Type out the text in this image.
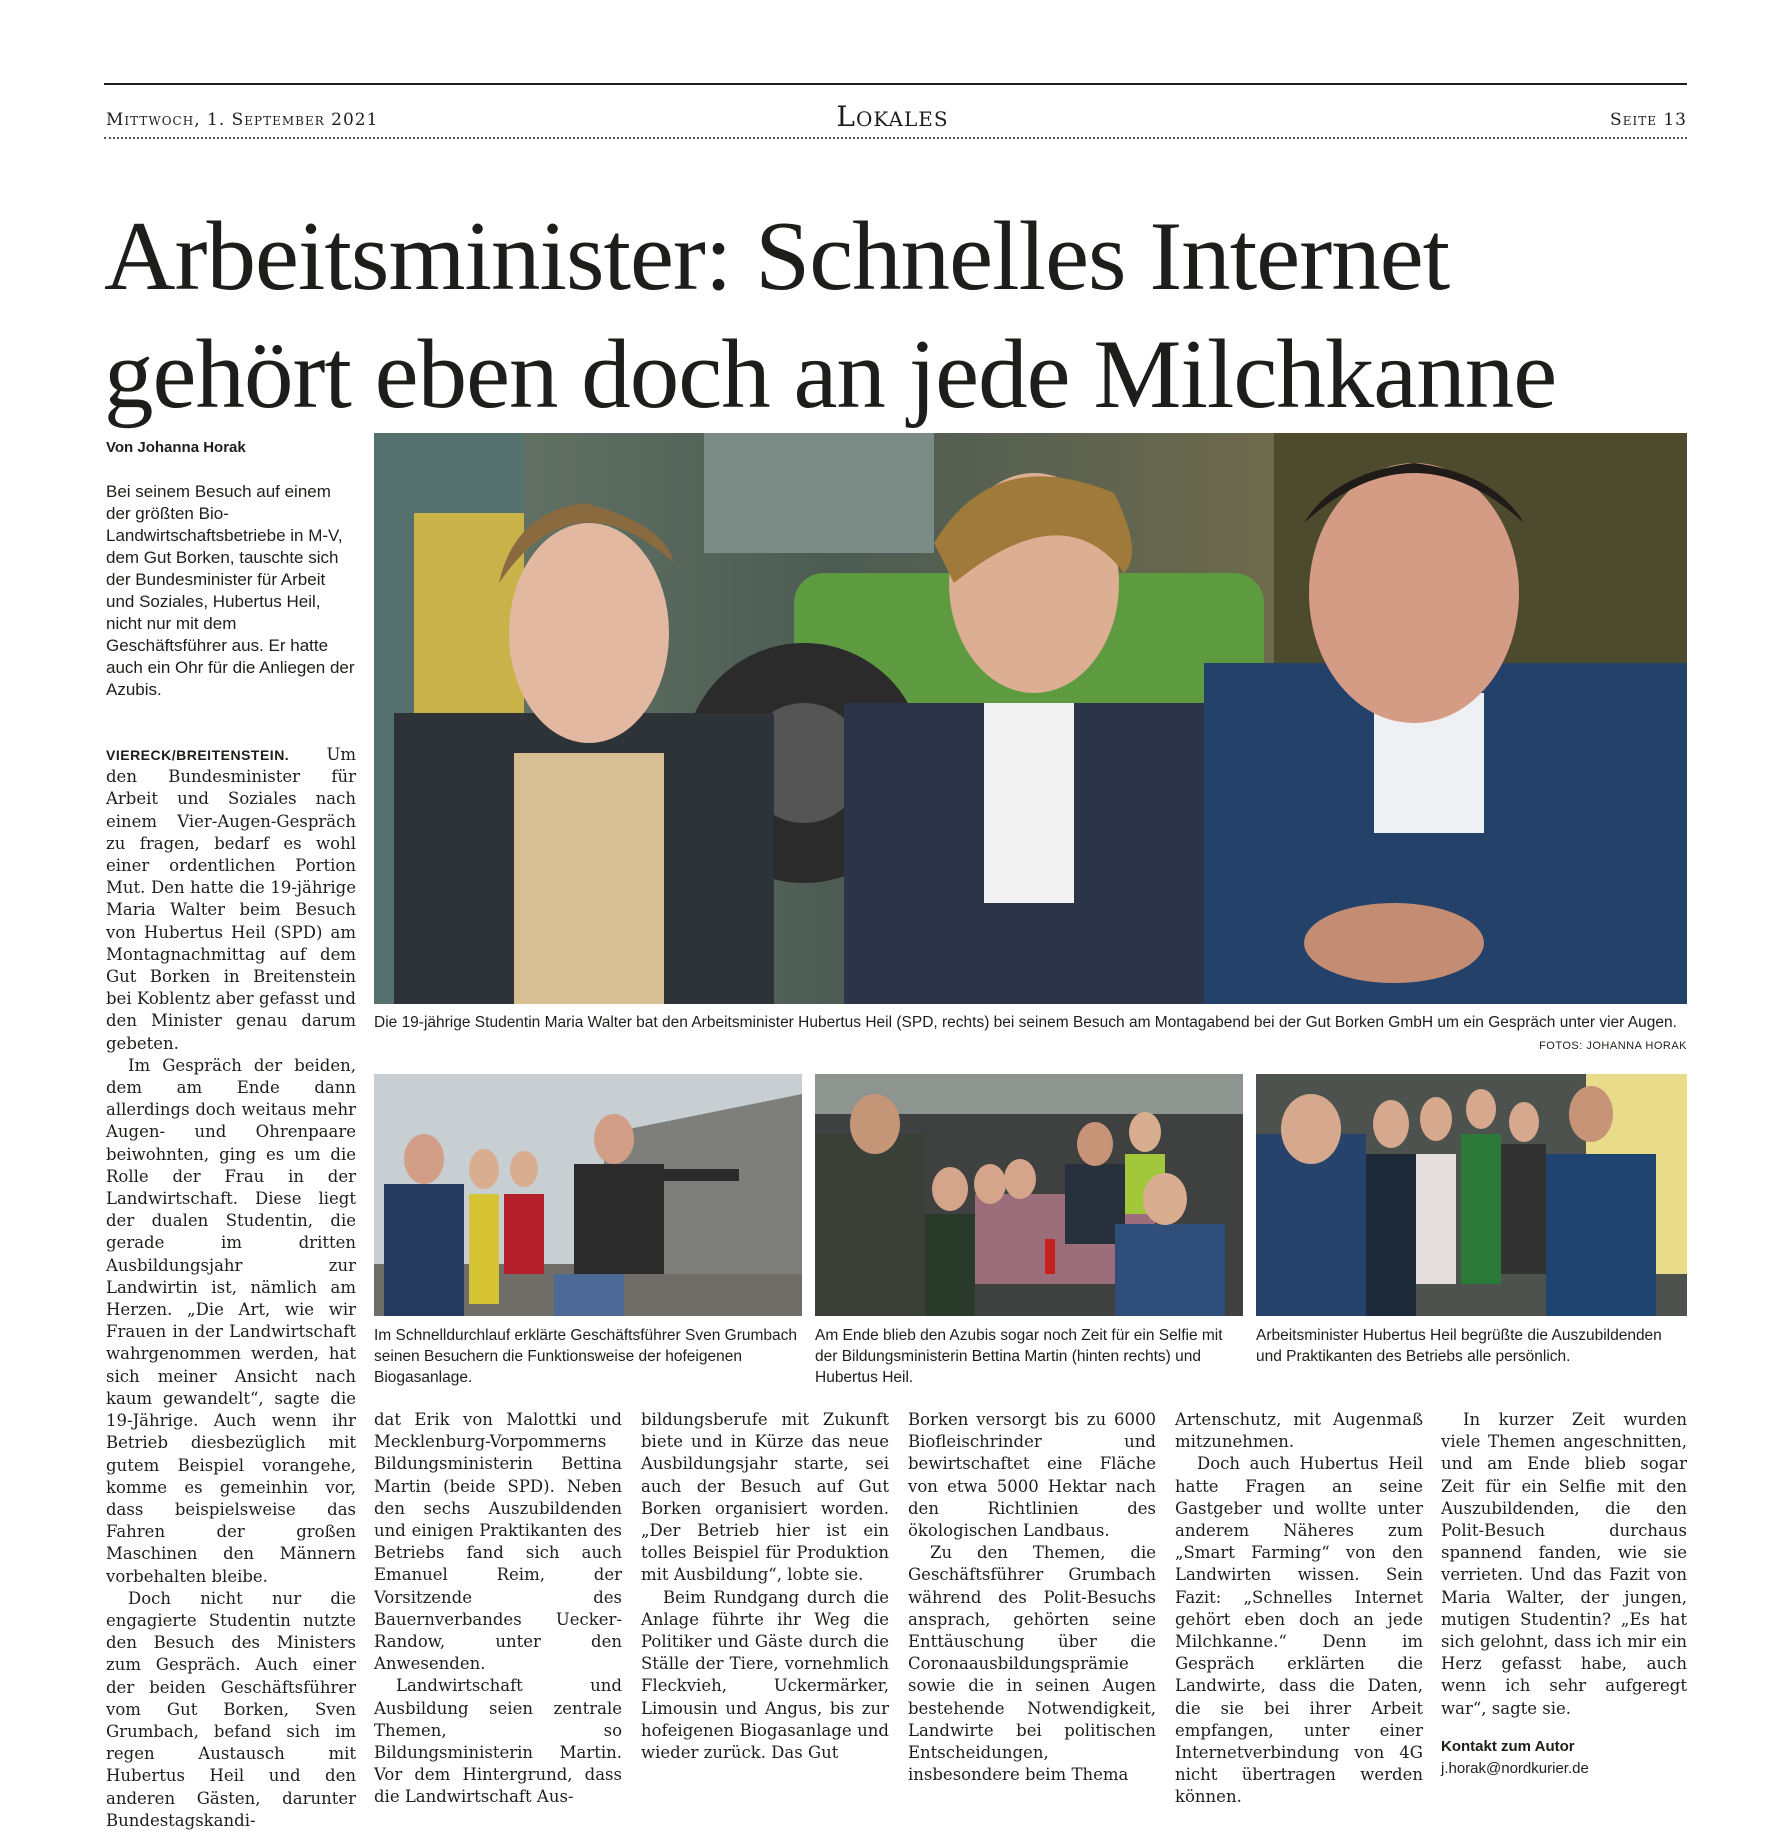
Mittwoch, 1. September 2021	Lokales	Seite 13
Arbeitsminister: Schnelles Internet
gehört eben doch an jede Milchkanne
Von Johanna Horak
Bei seinem Besuch auf einem der größten Bio-Landwirtschaftsbetriebe in M-V, dem Gut Borken, tauschte sich der Bundesminister für Arbeit und Soziales, Hubertus Heil, nicht nur mit dem Geschäftsführer aus. Er hatte auch ein Ohr für die Anliegen der Azubis.

VIERECK/BREITENSTEIN. Um den Bundesminister für Arbeit und Soziales nach einem Vier-Augen-Gespräch zu fragen, bedarf es wohl einer ordentlichen Portion Mut. Den hatte die 19-jährige Maria Walter beim Besuch von Hubertus Heil (SPD) am Montagnachmittag auf dem Gut Borken in Breitenstein bei Koblentz aber gefasst und den Minister genau darum gebeten.

Im Gespräch der beiden, dem am Ende dann allerdings doch weitaus mehr Augen- und Ohrenpaare beiwohnten, ging es um die Rolle der Frau in der Landwirtschaft. Diese liegt der dualen Studentin, die gerade im dritten Ausbildungsjahr zur Landwirtin ist, nämlich am Herzen. „Die Art, wie wir Frauen in der Landwirtschaft wahrgenommen werden, hat sich meiner Ansicht nach kaum gewandelt“, sagte die 19-Jährige. Auch wenn ihr Betrieb diesbezüglich mit gutem Beispiel vorangehe, komme es gemeinhin vor, dass beispielsweise das Fahren der großen Maschinen den Männern vorbehalten bleibe.

Doch nicht nur die engagierte Studentin nutzte den Besuch des Ministers zum Gespräch. Auch einer der beiden Geschäftsführer vom Gut Borken, Sven Grumbach, befand sich im regen Austausch mit Hubertus Heil und den anderen Gästen, darunter Bundestagskandi-

Die 19-jährige Studentin Maria Walter bat den Arbeitsminister Hubertus Heil (SPD, rechts) bei seinem Besuch am Montagabend bei der Gut Borken GmbH um ein Gespräch unter vier Augen.
FOTOS: JOHANNA HORAK
Im Schnelldurchlauf erklärte Geschäftsführer Sven Grumbach seinen Besuchern die Funktionsweise der hofeigenen Biogasanlage.
Am Ende blieb den Azubis sogar noch Zeit für ein Selfie mit der Bildungsministerin Bettina Martin (hinten rechts) und Hubertus Heil.
Arbeitsminister Hubertus Heil begrüßte die Auszubildenden und Praktikanten des Betriebs alle persönlich.

dat Erik von Malottki und Mecklenburg-Vorpommerns Bildungsministerin Bettina Martin (beide SPD). Neben den sechs Auszubildenden und einigen Praktikanten des Betriebs fand sich auch Emanuel Reim, der Vorsitzende des Bauernverbandes Uecker-Randow, unter den Anwesenden.

Landwirtschaft und Ausbildung seien zentrale Themen, so Bildungsministerin Martin. Vor dem Hintergrund, dass die Landwirtschaft Aus-

bildungsberufe mit Zukunft biete und in Kürze das neue Ausbildungsjahr starte, sei auch der Besuch auf Gut Borken organisiert worden. „Der Betrieb hier ist ein tolles Beispiel für Produktion mit Ausbildung“, lobte sie.

Beim Rundgang durch die Anlage führte ihr Weg die Politiker und Gäste durch die Ställe der Tiere, vornehmlich Fleckvieh, Uckermärker, Limousin und Angus, bis zur hofeigenen Biogasanlage und wieder zurück. Das Gut

Borken versorgt bis zu 6000 Biofleischrinder und bewirtschaftet eine Fläche von etwa 5000 Hektar nach den Richtlinien des ökologischen Landbaus.

Zu den Themen, die Geschäftsführer Grumbach während des Polit-Besuchs ansprach, gehörten seine Enttäuschung über die Coronaausbildungsprämie sowie die in seinen Augen bestehende Notwendigkeit, Landwirte bei politischen Entscheidungen, insbesondere beim Thema

Artenschutz, mit Augenmaß mitzunehmen.

Doch auch Hubertus Heil hatte Fragen an seine Gastgeber und wollte unter anderem Näheres zum „Smart Farming“ von den Landwirten wissen. Sein Fazit: „Schnelles Internet gehört eben doch an jede Milchkanne.“ Denn im Gespräch erklärten die Landwirte, dass die Daten, die sie bei ihrer Arbeit empfangen, unter einer Internetverbindung von 4G nicht übertragen werden können.

In kurzer Zeit wurden viele Themen angeschnitten, und am Ende blieb sogar Zeit für ein Selfie mit den Auszubildenden, die den Polit-Besuch durchaus spannend fanden, wie sie verrieten. Und das Fazit von Maria Walter, der jungen, mutigen Studentin? „Es hat sich gelohnt, dass ich mir ein Herz gefasst habe, auch wenn ich sehr aufgeregt war“, sagte sie.

Kontakt zum Autor
j.horak@nordkurier.de
